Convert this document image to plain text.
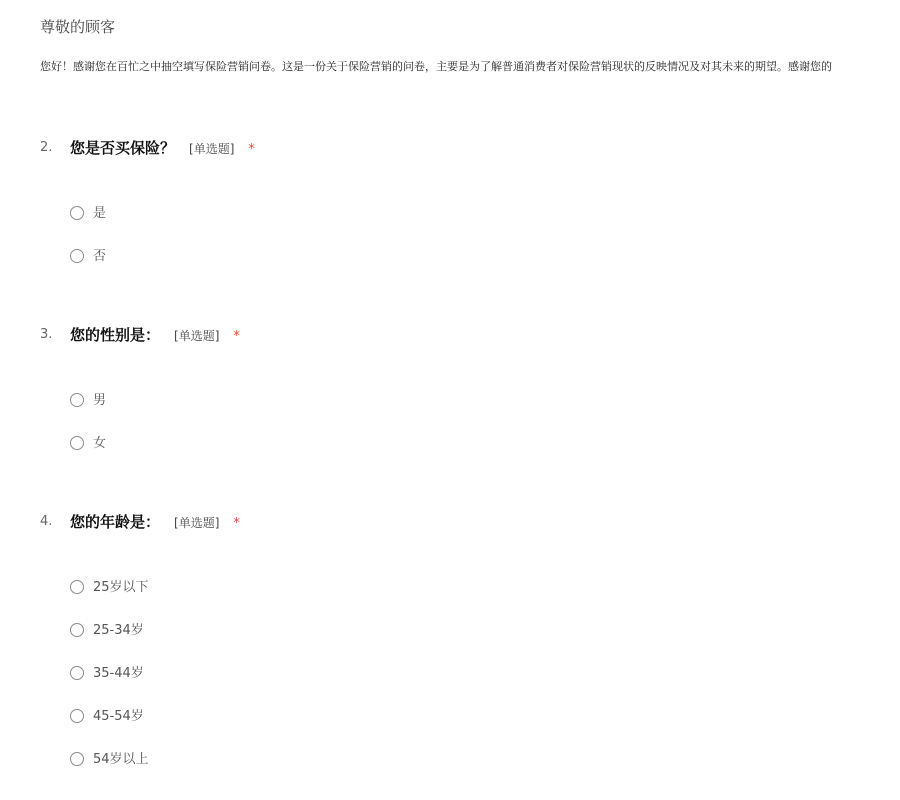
尊敬的顾客
您好！感谢您在百忙之中抽空填写保险营销问卷。这是一份关于保险营销的问卷，主要是为了解普通消费者对保险营销现状的反映情况及对其未来的期望。感谢您的
2. 您是否买保险？ [单选题] *
是
否
3. 您的性别是： [单选题] *
男
女
4. 您的年龄是： [单选题] *
25岁以下
25-34岁
35-44岁
45-54岁
54岁以上
